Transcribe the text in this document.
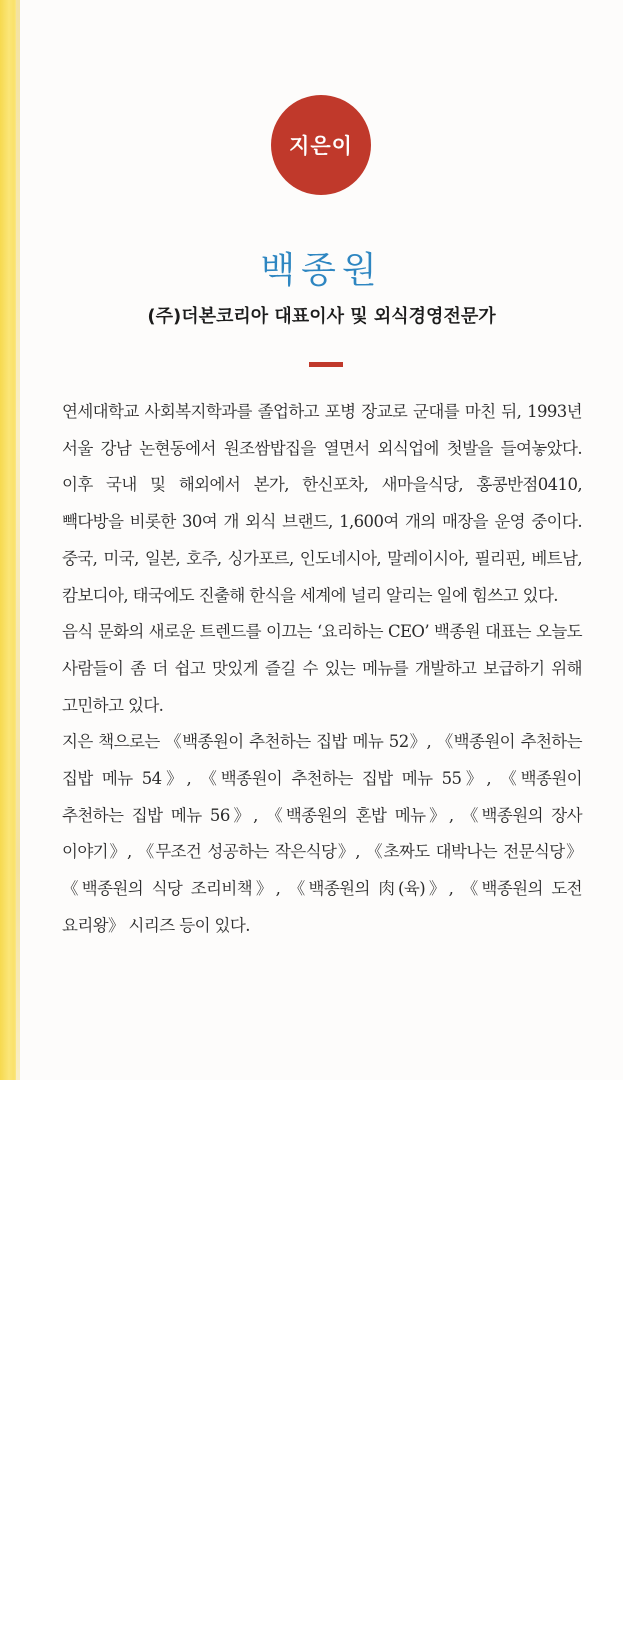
지은이
백종원
(주)더본코리아 대표이사 및 외식경영전문가

연세대학교 사회복지학과를 졸업하고 포병 장교로 군대를 마친 뒤, 1993년 서울 강남 논현동에서 원조쌈밥집을 열면서 외식업에 첫발을 들여놓았다. 이후 국내 및 해외에서 본가, 한신포차, 새마을식당, 홍콩반점0410, 빽다방을 비롯한 30여 개 외식 브랜드, 1,600여 개의 매장을 운영 중이다. 중국, 미국, 일본, 호주, 싱가포르, 인도네시아, 말레이시아, 필리핀, 베트남, 캄보디아, 태국에도 진출해 한식을 세계에 널리 알리는 일에 힘쓰고 있다.

음식 문화의 새로운 트렌드를 이끄는 ‘요리하는 CEO’ 백종원 대표는 오늘도 사람들이 좀 더 쉽고 맛있게 즐길 수 있는 메뉴를 개발하고 보급하기 위해 고민하고 있다.

지은 책으로는 《백종원이 추천하는 집밥 메뉴 52》, 《백종원이 추천하는 집밥 메뉴 54》, 《백종원이 추천하는 집밥 메뉴 55》, 《백종원이 추천하는 집밥 메뉴 56》, 《백종원의 혼밥 메뉴》, 《백종원의 장사 이야기》, 《무조건 성공하는 작은식당》, 《초짜도 대박나는 전문식당》 《백종원의 식당 조리비책》, 《백종원의 肉(육)》, 《백종원의 도전 요리왕》 시리즈 등이 있다.
